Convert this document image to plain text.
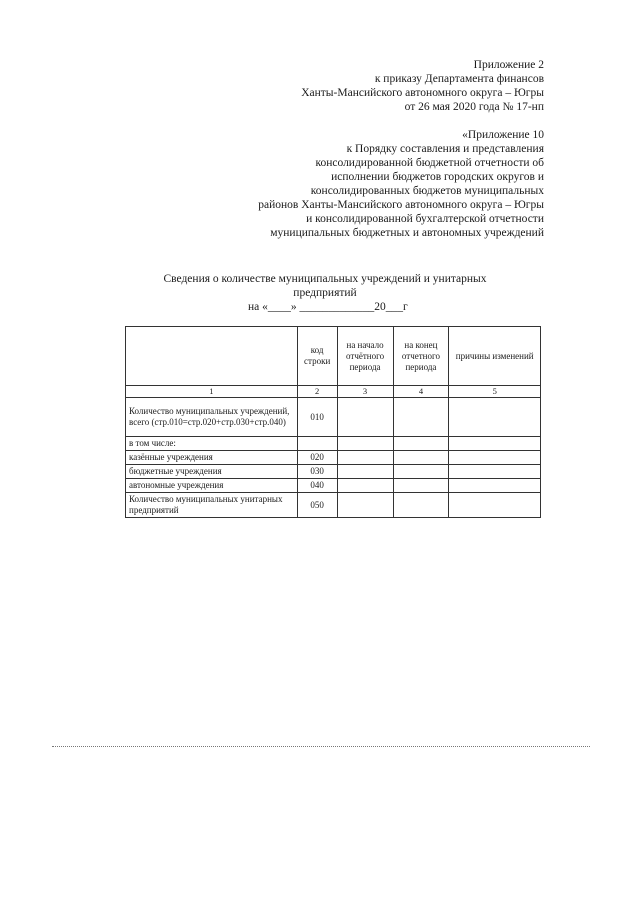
Приложение 2
к приказу Департамента финансов
Ханты-Мансийского автономного округа – Югры
от 26 мая 2020 года № 17-нп
«Приложение 10
к Порядку составления и представления
консолидированной бюджетной отчетности об
исполнении бюджетов городских округов и
консолидированных бюджетов муниципальных
районов Ханты-Мансийского автономного округа – Югры
и консолидированной бухгалтерской отчетности
муниципальных бюджетных и автономных учреждений
Сведения о количестве муниципальных учреждений и унитарных
предприятий
на «____» _____________20___г
	код строки	на начало отчётного периода	на конец отчетного периода	причины изменений
1	2	3	4	5
Количество муниципальных учреждений, всего (стр.010=стр.020+стр.030+стр.040)	010			
в том числе:				
казённые учреждения	020			
бюджетные учреждения	030			
автономные учреждения	040			
Количество муниципальных унитарных предприятий	050			
